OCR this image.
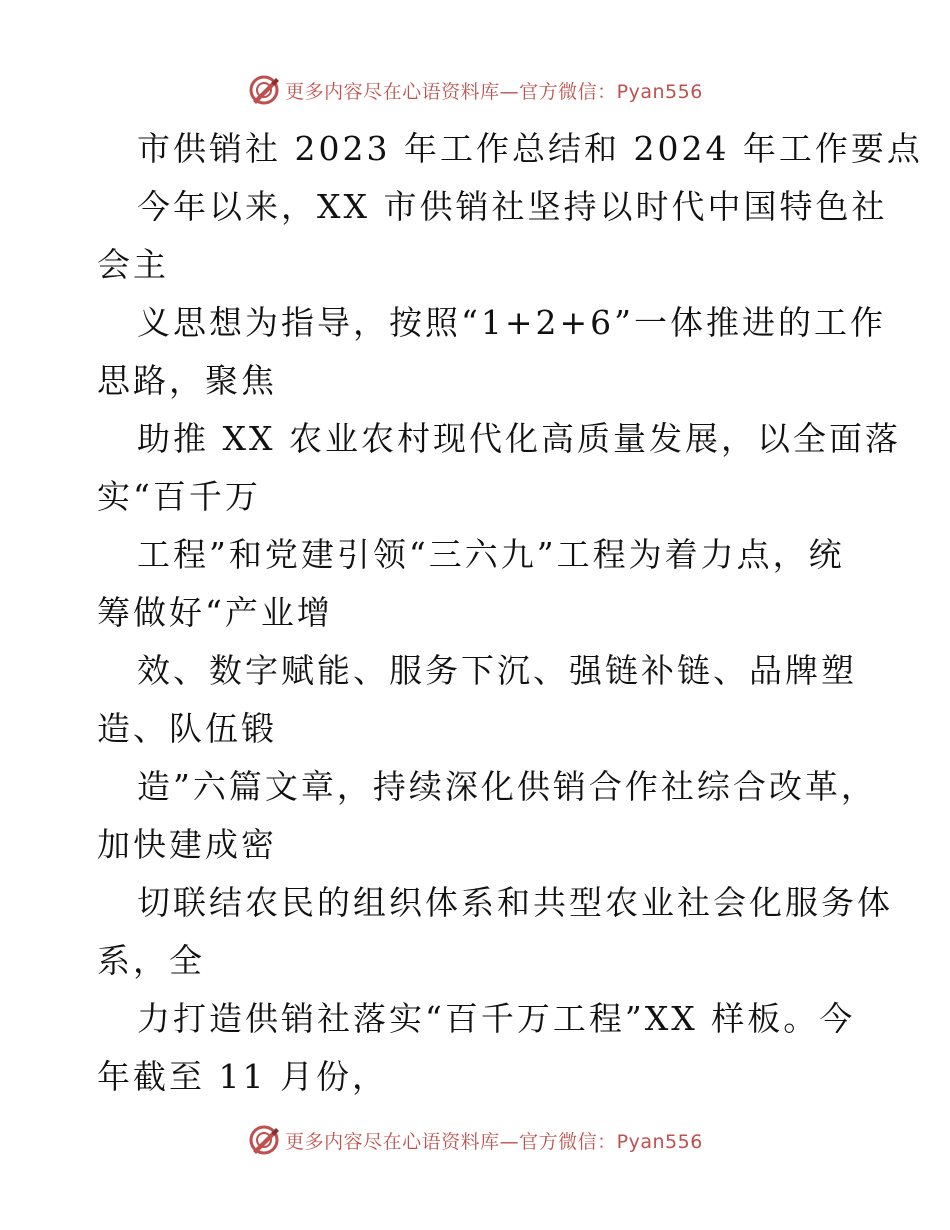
更多内容尽在心语资料库—官方微信：Pyan556
市供销社 2023 年工作总结和 2024 年工作要点
今年以来，XX 市供销社坚持以时代中国特色社
会主
义思想为指导，按照“1+2+6”一体推进的工作
思路，聚焦
助推 XX 农业农村现代化高质量发展，以全面落
实“百千万
工程”和党建引领“三六九”工程为着力点，统
筹做好“产业增
效、数字赋能、服务下沉、强链补链、品牌塑
造、队伍锻
造”六篇文章，持续深化供销合作社综合改革，
加快建成密
切联结农民的组织体系和共型农业社会化服务体
系，全
力打造供销社落实“百千万工程”XX 样板。今
年截至 11 月份，
更多内容尽在心语资料库—官方微信：Pyan556
